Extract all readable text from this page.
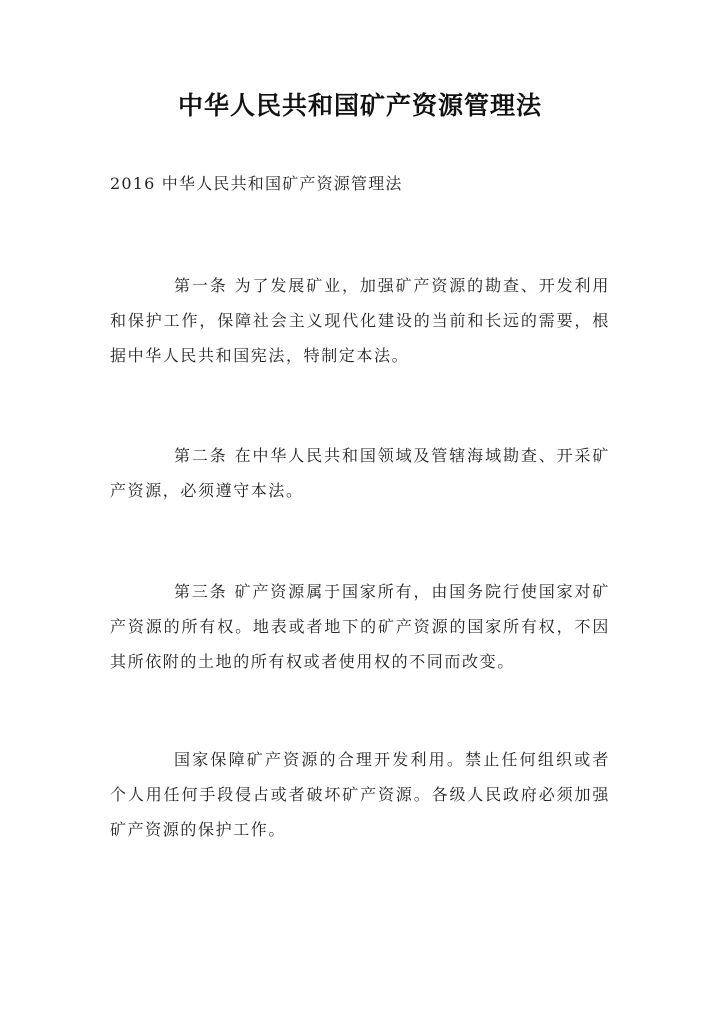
中华人民共和国矿产资源管理法
2016 中华人民共和国矿产资源管理法
第一条 为了发展矿业，加强矿产资源的勘查、开发利用和保护工作，保障社会主义现代化建设的当前和长远的需要，根据中华人民共和国宪法，特制定本法。
第二条 在中华人民共和国领域及管辖海域勘查、开采矿产资源，必须遵守本法。
第三条 矿产资源属于国家所有，由国务院行使国家对矿产资源的所有权。地表或者地下的矿产资源的国家所有权，不因其所依附的土地的所有权或者使用权的不同而改变。
国家保障矿产资源的合理开发利用。禁止任何组织或者个人用任何手段侵占或者破坏矿产资源。各级人民政府必须加强矿产资源的保护工作。
